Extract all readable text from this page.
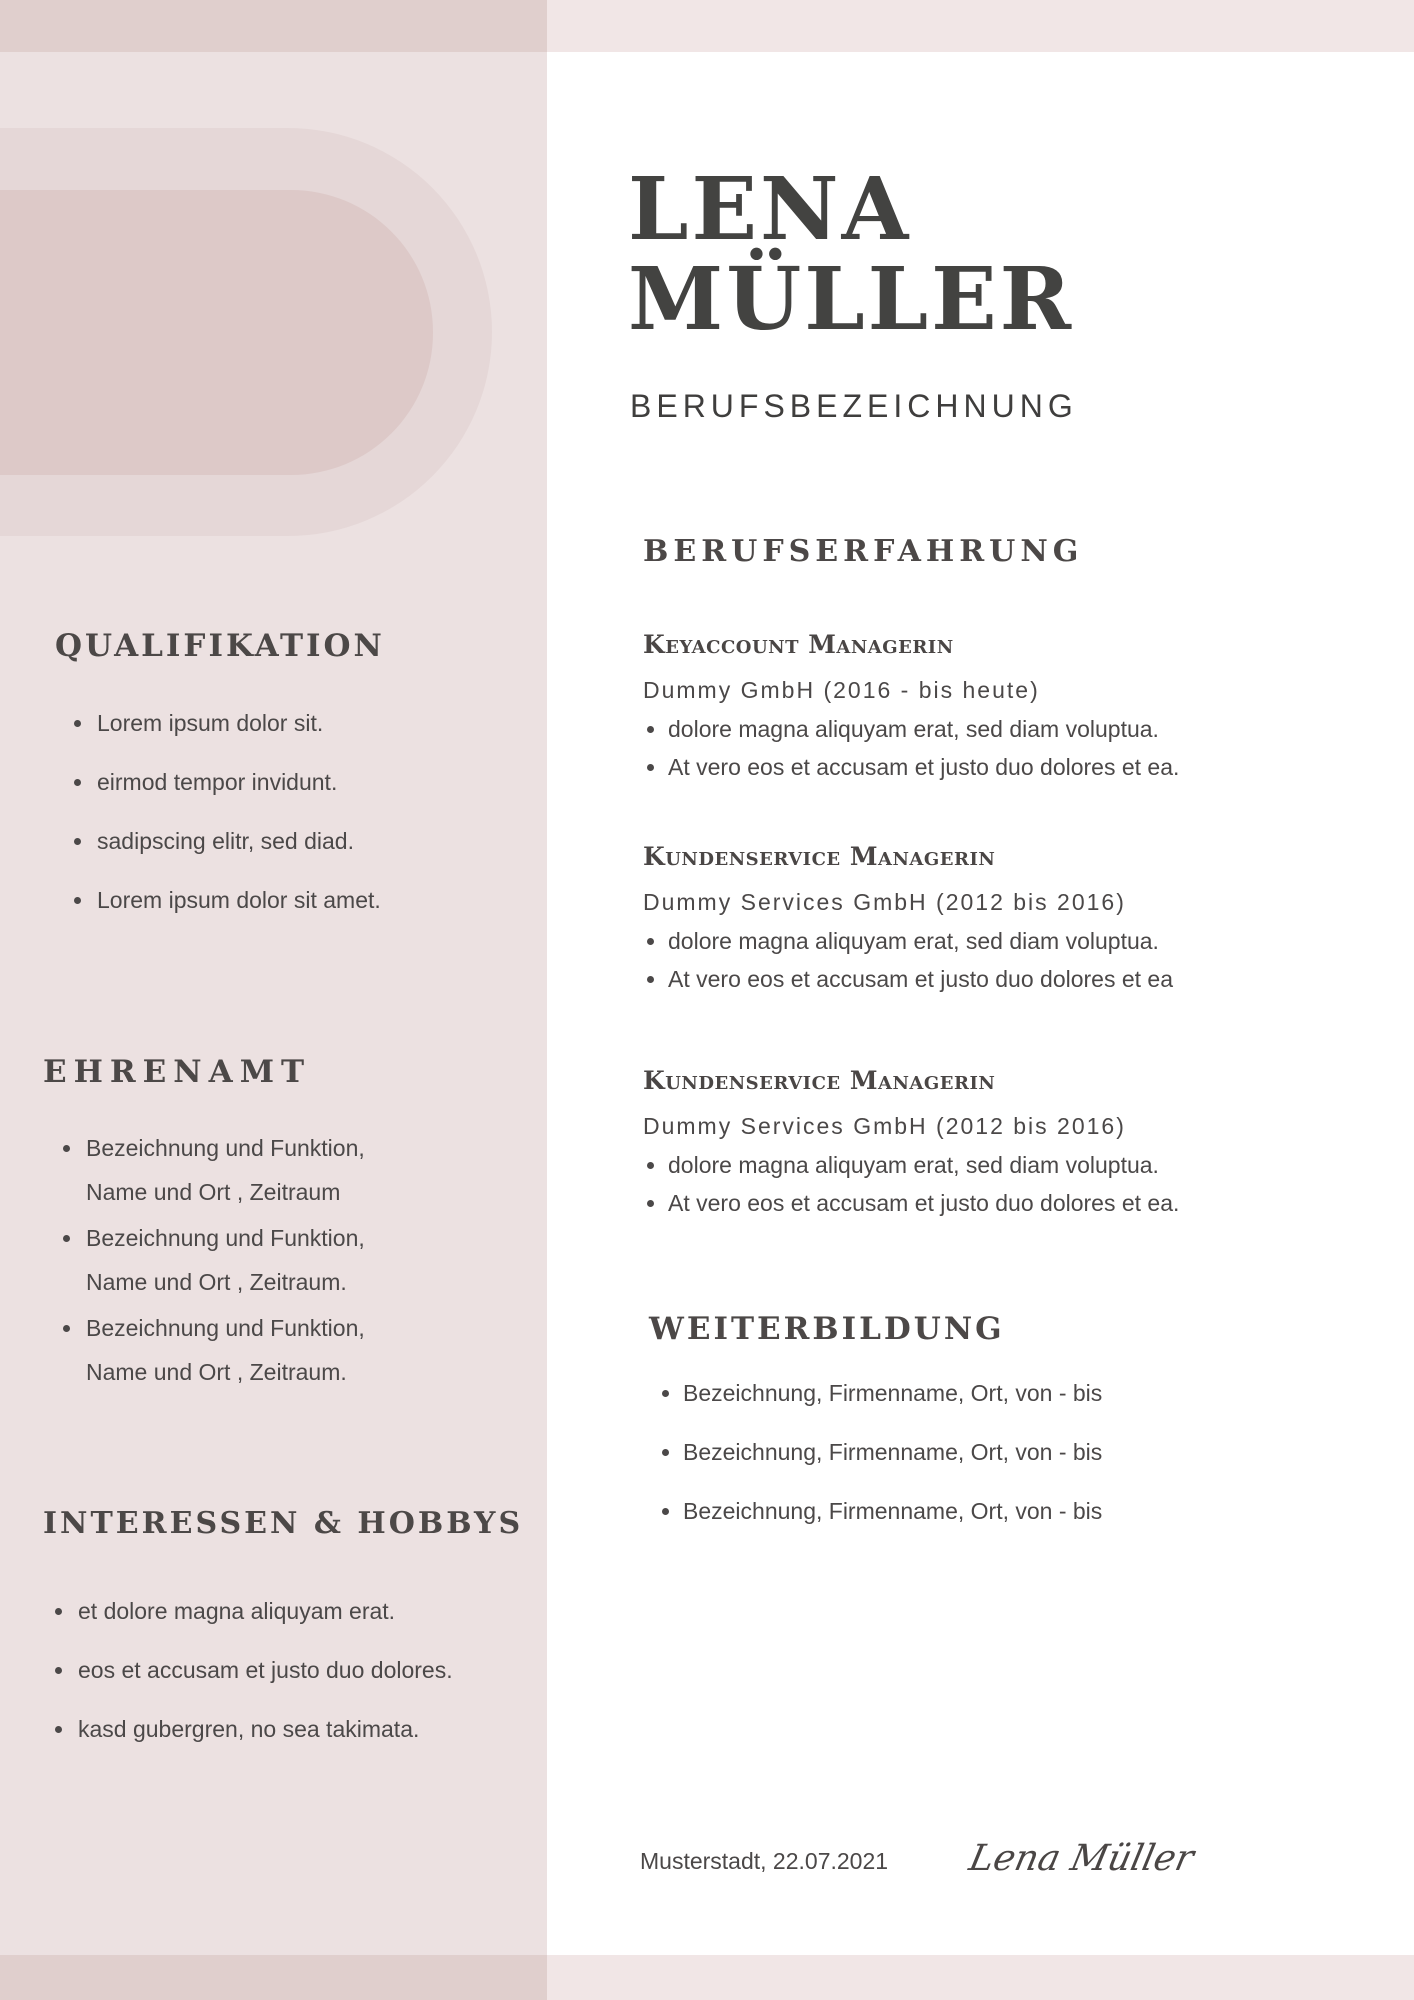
LENA
MÜLLER
BERUFSBEZEICHNUNG
QUALIFIKATION
• Lorem ipsum dolor sit.
• eirmod tempor invidunt.
• sadipscing elitr, sed diad.
• Lorem ipsum dolor sit amet.
EHRENAMT
• Bezeichnung und Funktion,
Name und Ort , Zeitraum
• Bezeichnung und Funktion,
Name und Ort , Zeitraum.
• Bezeichnung und Funktion,
Name und Ort , Zeitraum.
INTERESSEN & HOBBYS
• et dolore magna aliquyam erat.
• eos et accusam et justo duo dolores.
• kasd gubergren, no sea takimata.
BERUFSERFAHRUNG
Keyaccount Managerin
Dummy GmbH (2016 - bis heute)
• dolore magna aliquyam erat, sed diam voluptua.
• At vero eos et accusam et justo duo dolores et ea.
Kundenservice Managerin
Dummy Services GmbH (2012 bis 2016)
• dolore magna aliquyam erat, sed diam voluptua.
• At vero eos et accusam et justo duo dolores et ea
Kundenservice Managerin
Dummy Services GmbH (2012 bis 2016)
• dolore magna aliquyam erat, sed diam voluptua.
• At vero eos et accusam et justo duo dolores et ea.
WEITERBILDUNG
• Bezeichnung, Firmenname, Ort, von - bis
• Bezeichnung, Firmenname, Ort, von - bis
• Bezeichnung, Firmenname, Ort, von - bis
Musterstadt, 22.07.2021 Lena Müller
